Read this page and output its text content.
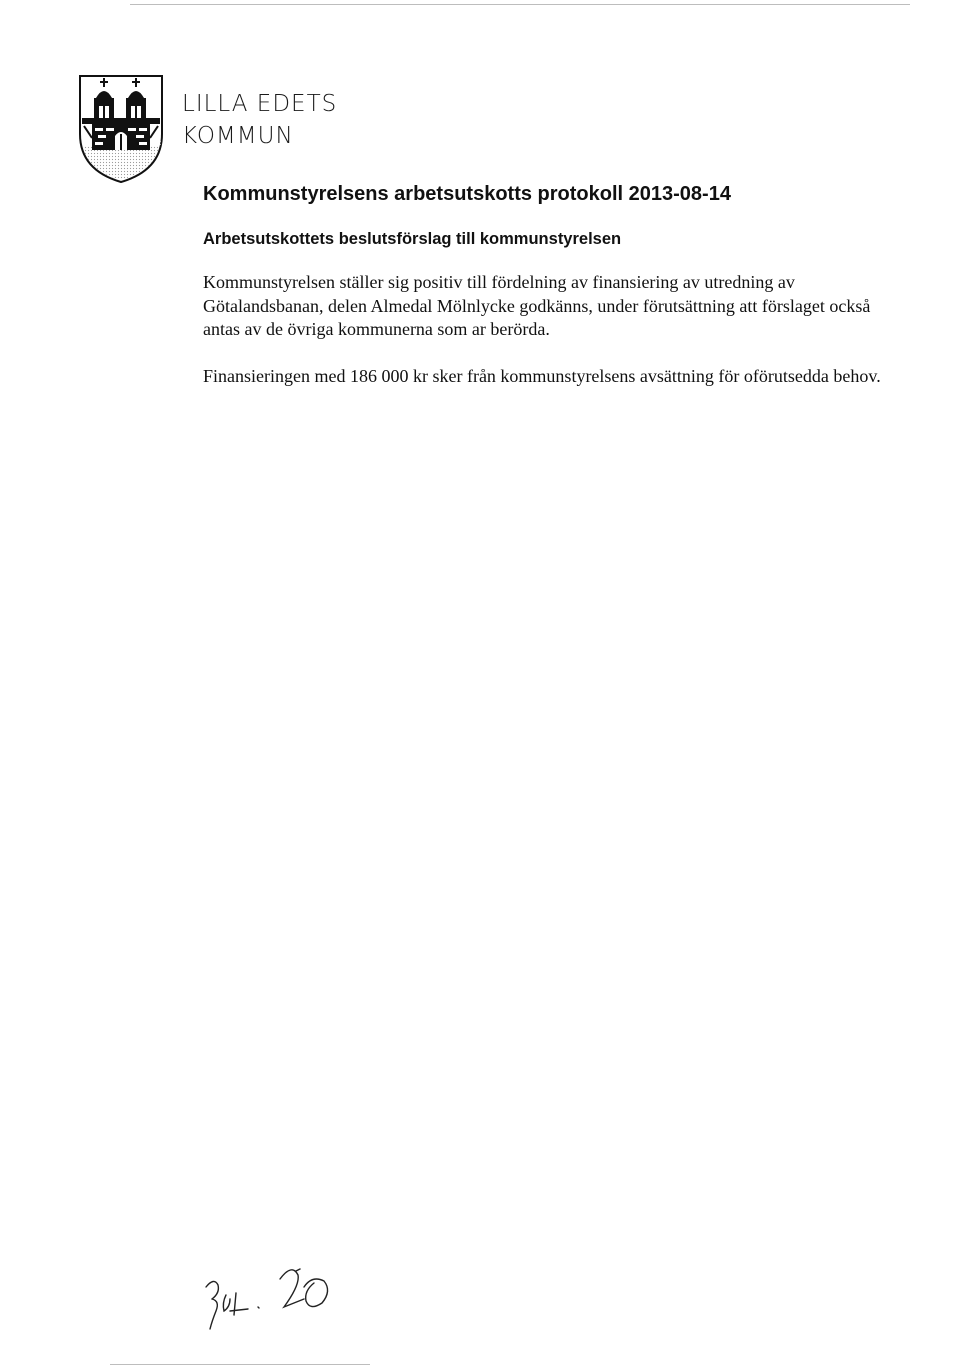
LILLA EDETS
KOMMUN
Kommunstyrelsens arbetsutskotts protokoll 2013-08-14
Arbetsutskottets beslutsförslag till kommunstyrelsen

Kommunstyrelsen ställer sig positiv till fördelning av finansiering av utredning av Götalandsbanan, delen Almedal Mölnlycke godkänns, under förutsättning att förslaget också antas av de övriga kommunerna som ar berörda.

Finansieringen med 186 000 kr sker från kommunstyrelsens avsättning för oförutsedda behov.
